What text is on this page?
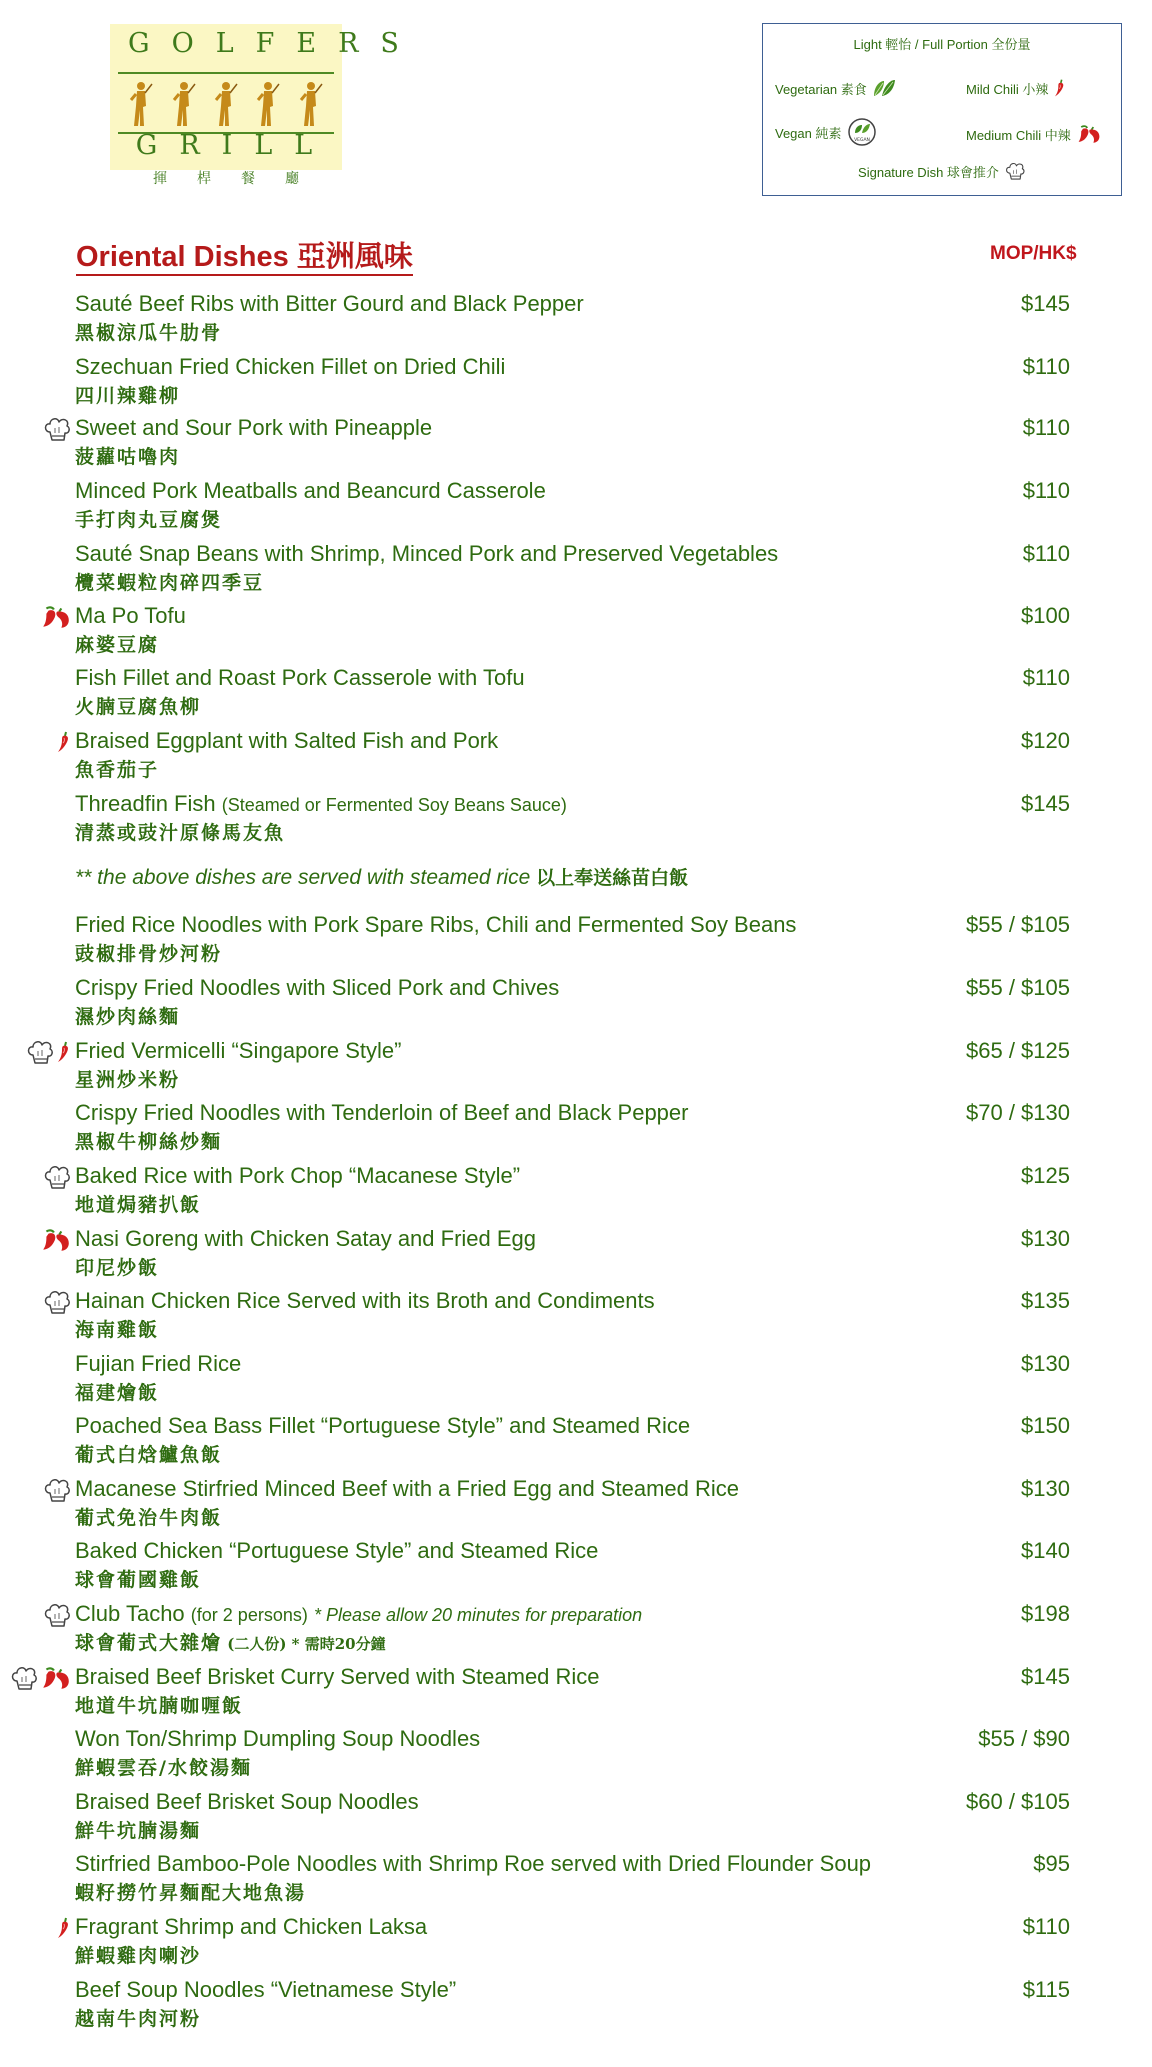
GOLFERS
GRILL
揮桿餐廳
Light 輕怡 / Full Portion 全份量
Vegetarian 素食	Mild Chili 小辣
Vegan 純素	Medium Chili 中辣
Signature Dish 球會推介
Oriental Dishes 亞洲風味	MOP/HK$
Sauté Beef Ribs with Bitter Gourd and Black Pepper
黑椒涼瓜牛肋骨
$145
Szechuan Fried Chicken Fillet on Dried Chili
四川辣雞柳
$110
Sweet and Sour Pork with Pineapple
菠蘿咕嚕肉
$110
Minced Pork Meatballs and Beancurd Casserole
手打肉丸豆腐煲
$110
Sauté Snap Beans with Shrimp, Minced Pork and Preserved Vegetables
欖菜蝦粒肉碎四季豆
$110
Ma Po Tofu
麻婆豆腐
$100
Fish Fillet and Roast Pork Casserole with Tofu
火腩豆腐魚柳
$110
Braised Eggplant with Salted Fish and Pork
魚香茄子
$120
Threadfin Fish (Steamed or Fermented Soy Beans Sauce)
清蒸或豉汁原條馬友魚
$145
Fried Rice Noodles with Pork Spare Ribs, Chili and Fermented Soy Beans
豉椒排骨炒河粉
$55 / $105
Crispy Fried Noodles with Sliced Pork and Chives
濕炒肉絲麵
$55 / $105
Fried Vermicelli “Singapore Style”
星洲炒米粉
$65 / $125
Crispy Fried Noodles with Tenderloin of Beef and Black Pepper
黑椒牛柳絲炒麵
$70 / $130
Baked Rice with Pork Chop “Macanese Style”
地道焗豬扒飯
$125
Nasi Goreng with Chicken Satay and Fried Egg
印尼炒飯
$130
Hainan Chicken Rice Served with its Broth and Condiments
海南雞飯
$135
Fujian Fried Rice
福建燴飯
$130
Poached Sea Bass Fillet “Portuguese Style” and Steamed Rice
葡式白焓鱸魚飯
$150
Macanese Stirfried Minced Beef with a Fried Egg and Steamed Rice
葡式免治牛肉飯
$130
Baked Chicken “Portuguese Style” and Steamed Rice
球會葡國雞飯
$140
Club Tacho (for 2 persons) * Please allow 20 minutes for preparation
球會葡式大雜燴 (二人份) * 需時20分鐘
$198
Braised Beef Brisket Curry Served with Steamed Rice
地道牛坑腩咖喱飯
$145
Won Ton/Shrimp Dumpling Soup Noodles
鮮蝦雲吞/水餃湯麵
$55 / $90
Braised Beef Brisket Soup Noodles
鮮牛坑腩湯麵
$60 / $105
Stirfried Bamboo-Pole Noodles with Shrimp Roe served with Dried Flounder Soup
蝦籽撈竹昇麵配大地魚湯
$95
Fragrant Shrimp and Chicken Laksa
鮮蝦雞肉喇沙
$110
Beef Soup Noodles “Vietnamese Style”
越南牛肉河粉
$115
** the above dishes are served with steamed rice 以上奉送絲苗白飯
